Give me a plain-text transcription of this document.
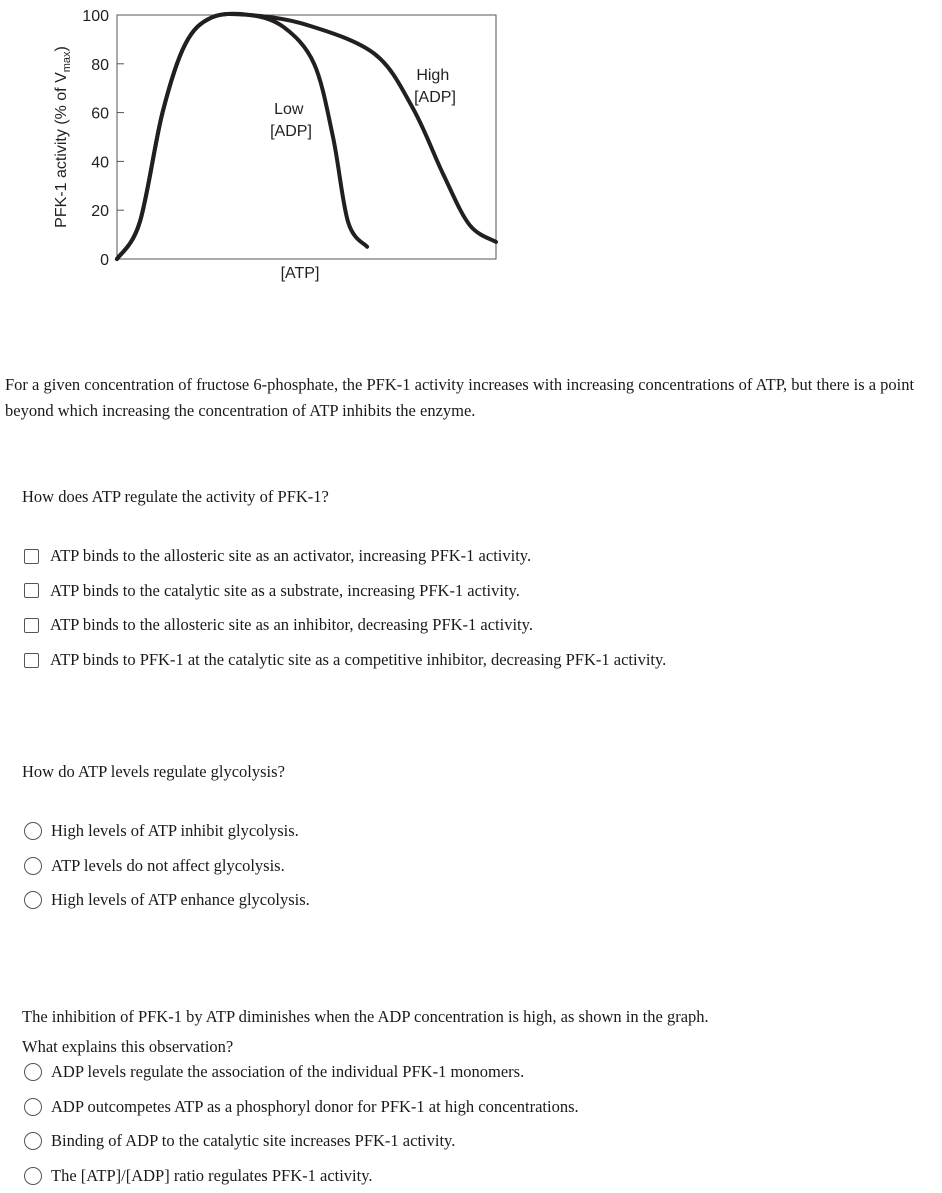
0
20
40
60
80
100
PFK-1 activity (% of $V_{max}$)
[ATP]
Low [ADP]
High [ADP]

For a given concentration of fructose 6-phosphate, the PFK-1 activity increases with increasing concentrations of ATP, but there is a point beyond which increasing the concentration of ATP inhibits the enzyme.

How does ATP regulate the activity of PFK-1?

ATP binds to the allosteric site as an activator, increasing PFK-1 activity.
ATP binds to the catalytic site as a substrate, increasing PFK-1 activity.
ATP binds to the allosteric site as an inhibitor, decreasing PFK-1 activity.
ATP binds to PFK-1 at the catalytic site as a competitive inhibitor, decreasing PFK-1 activity.

How do ATP levels regulate glycolysis?

High levels of ATP inhibit glycolysis.
ATP levels do not affect glycolysis.
High levels of ATP enhance glycolysis.
The inhibition of PFK-1 by ATP diminishes when the ADP concentration is high, as shown in the graph.
What explains this observation?
ADP levels regulate the association of the individual PFK-1 monomers.
ADP outcompetes ATP as a phosphoryl donor for PFK-1 at high concentrations.
Binding of ADP to the catalytic site increases PFK-1 activity.
The [ATP]/[ADP] ratio regulates PFK-1 activity.
